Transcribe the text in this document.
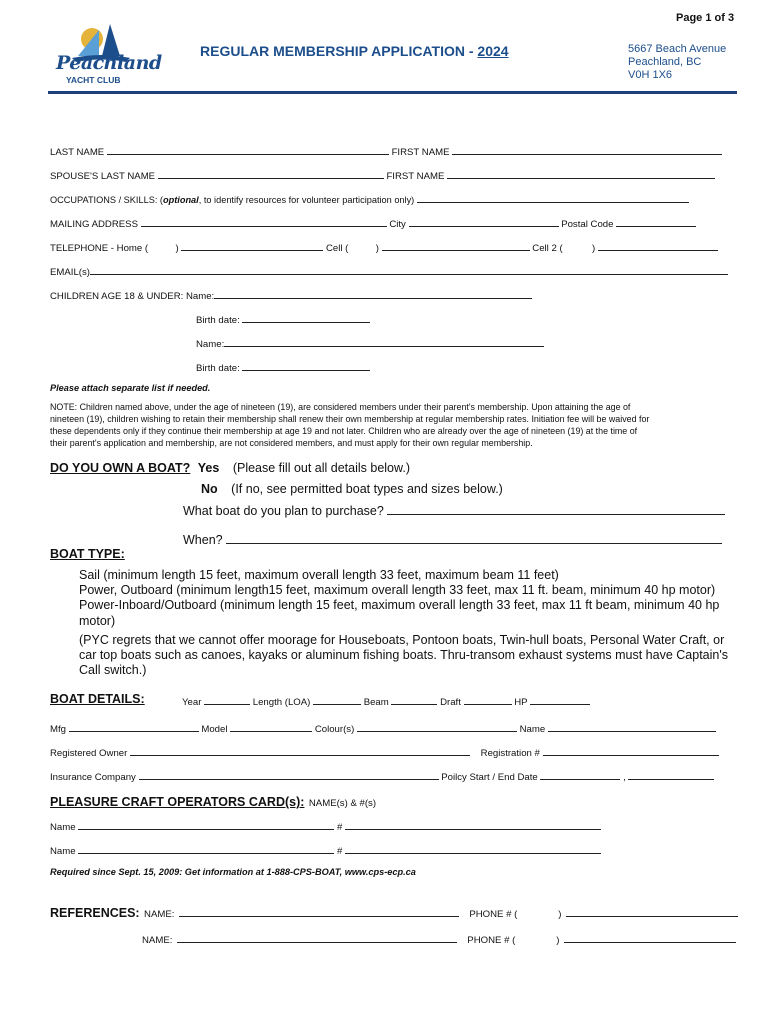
Page 1 of 3
Peachland
YACHT CLUB
REGULAR MEMBERSHIP APPLICATION - 2024	5667 Beach Avenue
Peachland, BC
V0H 1X6
LAST NAME	FIRST NAME
SPOUSE'S LAST NAME	FIRST NAME
OCCUPATIONS / SKILLS: (optional, to identify resources for volunteer participation only)
MAILING ADDRESS	City	Postal Code
TELEPHONE - Home (	)	Cell (	)	Cell 2 (	)
EMAIL(s)
CHILDREN AGE 18 & UNDER: Name:
Birth date:
Name:
Birth date:
Please attach separate list if needed.
NOTE: Children named above, under the age of nineteen (19), are considered members under their parent's membership. Upon attaining the age of
nineteen (19), children wishing to retain their membership shall renew their own membership at regular membership rates. Initiation fee will be waived for
these dependents only if they continue their membership at age 19 and not later. Children who are already over the age of nineteen (19) at the time of
their parent's application and membership, are not considered members, and must apply for their own regular membership.
DO YOU OWN A BOAT? Yes (Please fill out all details below.)
No (If no, see permitted boat types and sizes below.)
What boat do you plan to purchase?
When?
BOAT TYPE:
Sail (minimum length 15 feet, maximum overall length 33 feet, maximum beam 11 feet)
Power, Outboard (minimum length15 feet, maximum overall length 33 feet, max 11 ft. beam, minimum 40 hp motor)
Power-Inboard/Outboard (minimum length 15 feet, maximum overall length 33 feet, max 11 ft beam, minimum 40 hp
motor)
(PYC regrets that we cannot offer moorage for Houseboats, Pontoon boats, Twin-hull boats, Personal Water Craft, or
car top boats such as canoes, kayaks or aluminum fishing boats. Thru-transom exhaust systems must have Captain's
Call switch.)
BOAT DETAILS:	Year	Length (LOA)	Beam	Draft	HP
Mfg	Model	Colour(s)	Name
Registered Owner	Registration #
Insurance Company	Poilcy Start / End Date	,
PLEASURE CRAFT OPERATORS CARD(s): NAME(s) & #(s)
Name	#
Name	#
Required since Sept. 15, 2009: Get information at 1-888-CPS-BOAT, www.cps-ecp.ca
REFERENCES: NAME:	PHONE # (	)
NAME:	PHONE # (	)
